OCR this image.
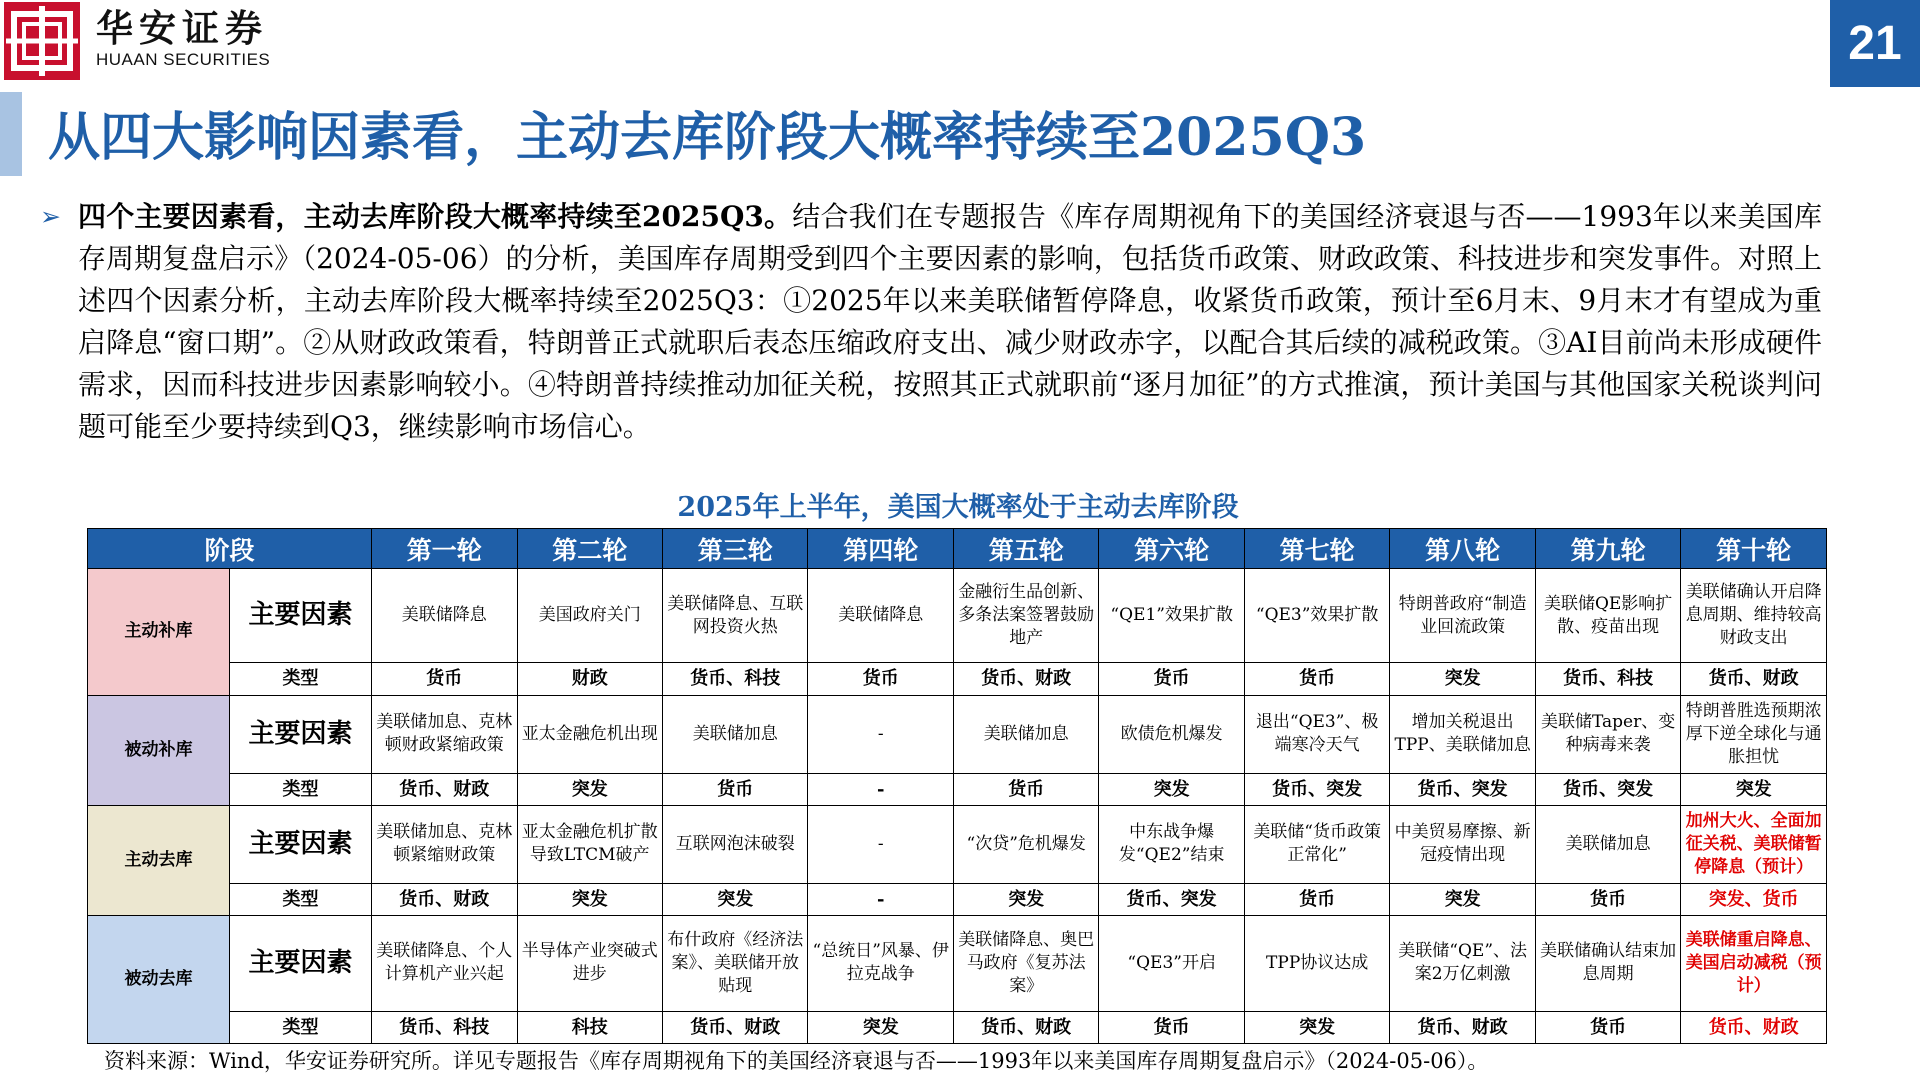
华安证券
HUAAN SECURITIES	21
从四大影响因素看，主动去库阶段大概率持续至2025Q3
➢ 四个主要因素看，主动去库阶段大概率持续至2025Q3。结合我们在专题报告《库存周期视角下的美国经济衰退与否——1993年以来美国库存周期复盘启示》（2024-05-06）的分析，美国库存周期受到四个主要因素的影响，包括货币政策、财政政策、科技进步和突发事件。对照上述四个因素分析，主动去库阶段大概率持续至2025Q3：①2025年以来美联储暂停降息，收紧货币政策，预计至6月末、9月末才有望成为重启降息“窗口期”。②从财政政策看，特朗普正式就职后表态压缩政府支出、减少财政赤字，以配合其后续的减税政策。③AI目前尚未形成硬件需求，因而科技进步因素影响较小。④特朗普持续推动加征关税，按照其正式就职前“逐月加征”的方式推演，预计美国与其他国家关税谈判问题可能至少要持续到Q3，继续影响市场信心。
2025年上半年，美国大概率处于主动去库阶段
阶段		第一轮	第二轮	第三轮	第四轮	第五轮	第六轮	第七轮	第八轮	第九轮	第十轮
主动补库	主要因素	美联储降息	美国政府关门	美联储降息、互联网投资火热	美联储降息	金融衍生品创新、多条法案签署鼓励地产	“QE1”效果扩散	“QE3”效果扩散	特朗普政府“制造业回流政策	美联储QE影响扩散、疫苗出现	美联储确认开启降息周期、维持较高财政支出
	类型	货币	财政	货币、科技	货币	货币、财政	货币	货币	突发	货币、科技	货币、财政
被动补库	主要因素	美联储加息、克林顿财政紧缩政策	亚太金融危机出现	美联储加息	-	美联储加息	欧债危机爆发	退出“QE3”、极端寒冷天气	增加关税退出TPP、美联储加息	美联储Taper、变种病毒来袭	特朗普胜选预期浓厚下逆全球化与通胀担忧
	类型	货币、财政	突发	货币	-	货币	突发	货币、突发	货币、突发	货币、突发	突发
主动去库	主要因素	美联储加息、克林顿紧缩财政策	亚太金融危机扩散导致LTCM破产	互联网泡沫破裂	-	“次贷”危机爆发	中东战争爆发“QE2”结束	美联储“货币政策正常化”	中美贸易摩擦、新冠疫情出现	美联储加息	加州大火、全面加征关税、美联储暂停降息（预计）
	类型	货币、财政	突发	突发	-	突发	货币、突发	货币	突发	货币	突发、货币
被动去库	主要因素	美联储降息、个人计算机产业兴起	半导体产业突破式进步	布什政府《经济法案》、美联储开放贴现	“总统日”风暴、伊拉克战争	美联储降息、奥巴马政府《复苏法案》	“QE3”开启	TPP协议达成	美联储“QE”、法案2万亿刺激	美联储确认结束加息周期	美联储重启降息、美国启动减税（预计）
	类型	货币、科技	科技	货币、财政	突发	货币、财政	货币	突发	货币、财政	货币	货币、财政
资料来源：Wind，华安证券研究所。详见专题报告《库存周期视角下的美国经济衰退与否——1993年以来美国库存周期复盘启示》（2024-05-06）。
